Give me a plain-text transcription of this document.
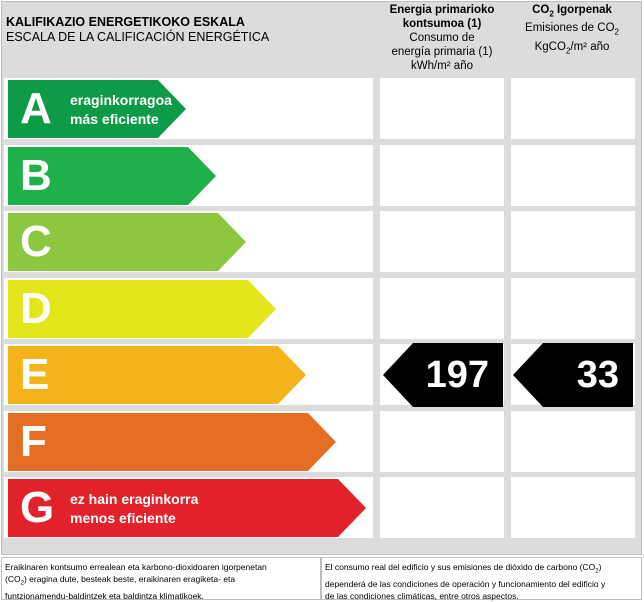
KALIFIKAZIO ENERGETIKOKO ESKALA
ESCALA DE LA CALIFICACIÓN ENERGÉTICA
Energia primarioko
kontsumoa (1)
Consumo de
energía primaria (1)
kWh/m² año
$CO_2$ Igorpenak
Emisiones de $CO_2$
KgCO$_2$/m² año
A eraginkorragoa
más eficiente
B
C
D
E	197 33
F
G ez hain eraginkorra
menos eficiente
Eraikinaren kontsumo errealean eta karbono-dioxidoaren igorpenetan
$(CO_2)$ eragina dute, besteak beste, eraikinaren eragiketa- eta
funtzionamendu-baldintzek eta baldintza klimatikoek.
El consumo real del edificio y sus emisiones de dióxido de carbono $(CO_2)$
dependerá de las condiciones de operación y funcionamiento del edificio y
de las condiciones climáticas, entre otros aspectos.
